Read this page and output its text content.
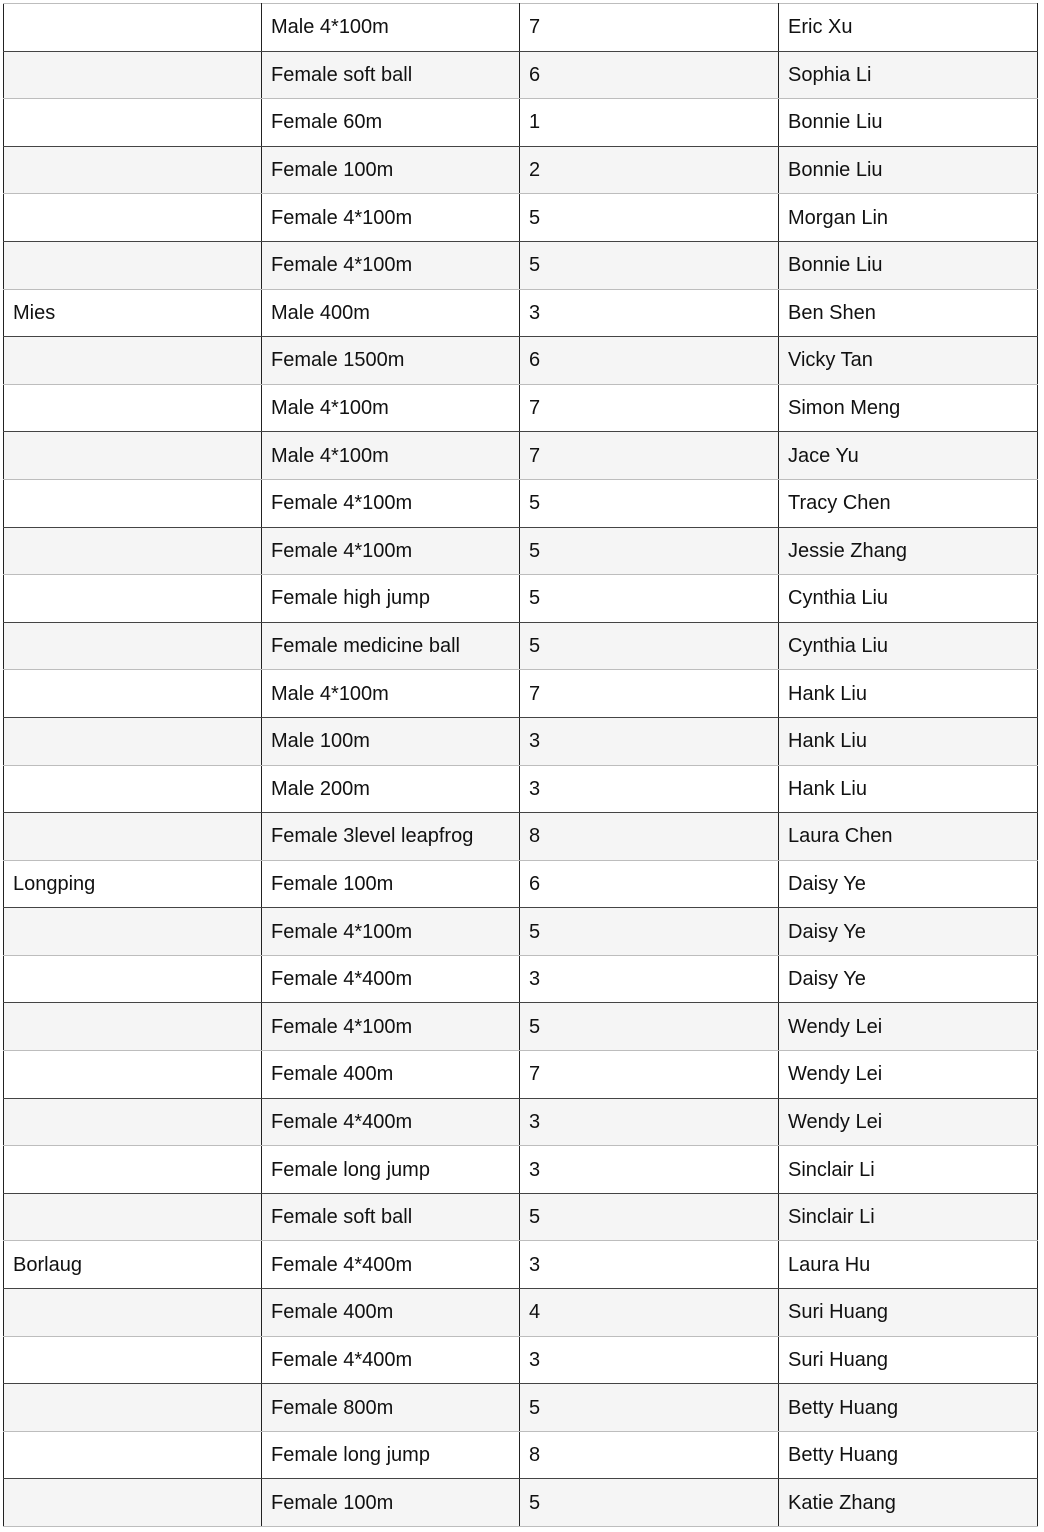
	Male 4*100m	7	Eric Xu
	Female soft ball	6	Sophia Li
	Female 60m	1	Bonnie Liu
	Female 100m	2	Bonnie Liu
	Female 4*100m	5	Morgan Lin
	Female 4*100m	5	Bonnie Liu
Mies	Male 400m	3	Ben Shen
	Female 1500m	6	Vicky Tan
	Male 4*100m	7	Simon Meng
	Male 4*100m	7	Jace Yu
	Female 4*100m	5	Tracy Chen
	Female 4*100m	5	Jessie Zhang
	Female high jump	5	Cynthia Liu
	Female medicine ball	5	Cynthia Liu
	Male 4*100m	7	Hank Liu
	Male 100m	3	Hank Liu
	Male 200m	3	Hank Liu
	Female 3level leapfrog	8	Laura Chen
Longping	Female 100m	6	Daisy Ye
	Female 4*100m	5	Daisy Ye
	Female 4*400m	3	Daisy Ye
	Female 4*100m	5	Wendy Lei
	Female 400m	7	Wendy Lei
	Female 4*400m	3	Wendy Lei
	Female long jump	3	Sinclair Li
	Female soft ball	5	Sinclair Li
Borlaug	Female 4*400m	3	Laura Hu
	Female 400m	4	Suri Huang
	Female 4*400m	3	Suri Huang
	Female 800m	5	Betty Huang
	Female long jump	8	Betty Huang
	Female 100m	5	Katie Zhang
